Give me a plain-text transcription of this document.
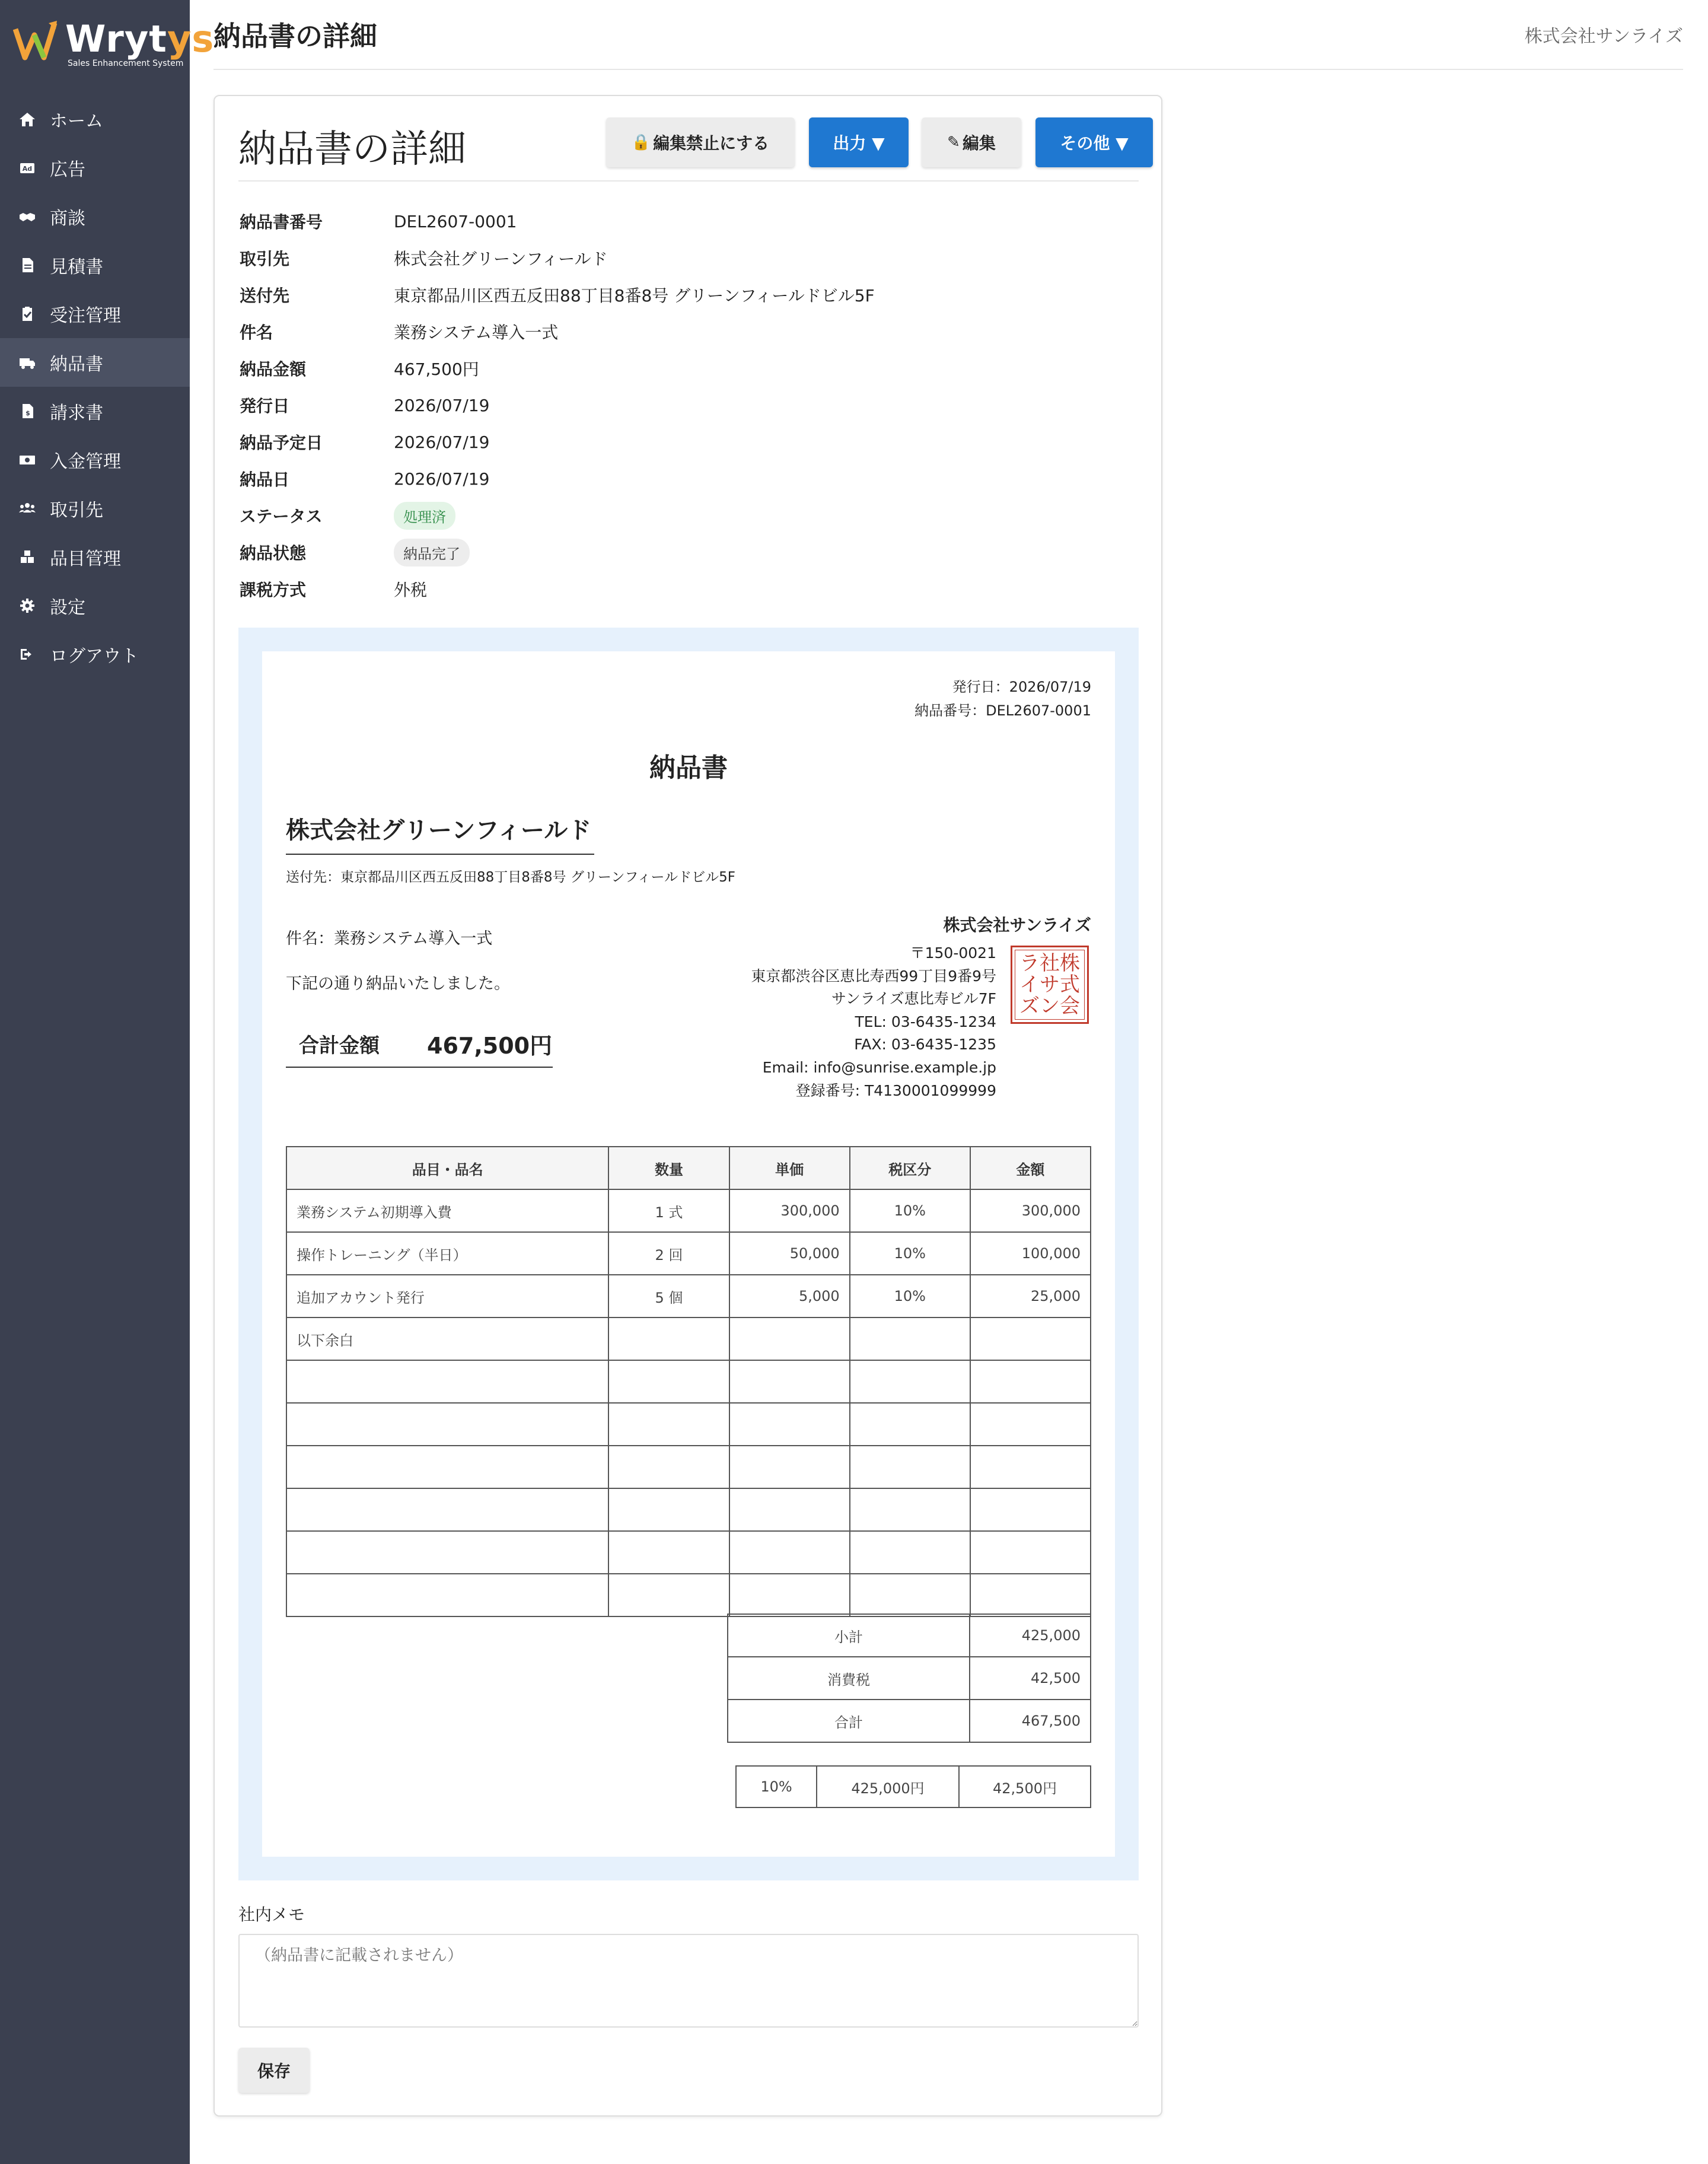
Wrytys
Sales Enhancement System
ホーム
Ad 広告
商談
見積書
受注管理
納品書
$ 請求書
入金管理
取引先
品目管理
設定
ログアウト
納品書の詳細	株式会社サンライズ
納品書の詳細	🔒 編集禁止にする	出力 ▼	✎ 編集	その他 ▼
納品書番号	DEL2607-0001
取引先	株式会社グリーンフィールド
送付先	東京都品川区西五反田88丁目8番8号 グリーンフィールドビル5F
件名	業務システム導入一式
納品金額	467,500円
発行日	2026/07/19
納品予定日	2026/07/19
納品日	2026/07/19
ステータス	処理済
納品状態	納品完了
課税方式	外税
発行日：2026/07/19
納品番号：DEL2607-0001
納品書
株式会社グリーンフィールド
送付先：東京都品川区西五反田88丁目8番8号 グリーンフィールドビル5F
件名：業務システム導入一式
下記の通り納品いたしました。
合計金額	467,500円
株式会社サンライズ
〒150-0021
東京都渋谷区恵比寿西99丁目9番9号
サンライズ恵比寿ビル7F
TEL: 03-6435-1234
FAX: 03-6435-1235
Email: info@sunrise.example.jp
登録番号: T4130001099999
株
式
会
社
サ
ン
ラ
イ
ズ
品目・品名	数量	単価	税区分	金額
業務システム初期導入費	1 式	300,000	10%	300,000
操作トレーニング（半日）	2 回	50,000	10%	100,000
追加アカウント発行	5 個	5,000	10%	25,000
以下余白				

小計	425,000
消費税	42,500
合計	467,500
10%	425,000円	42,500円
社内メモ
（納品書に記載されません）
保存
